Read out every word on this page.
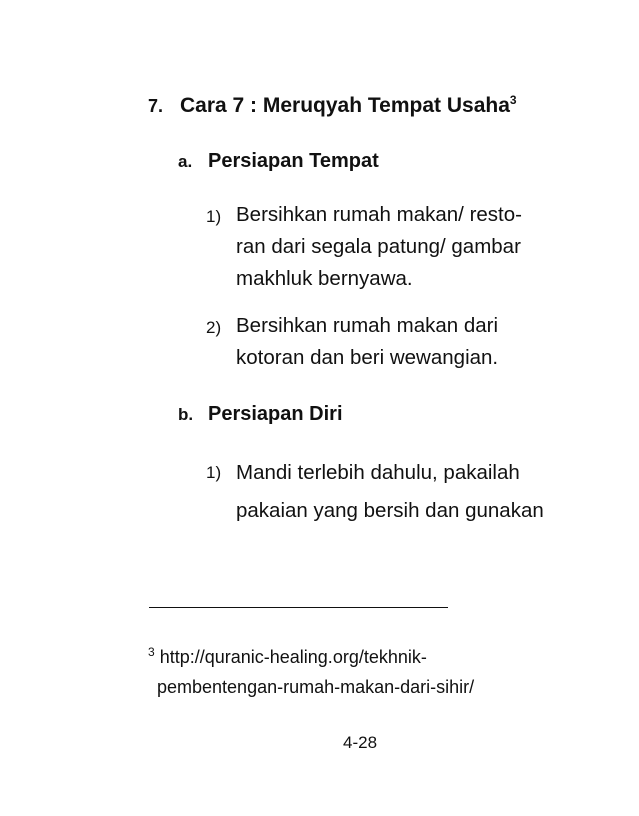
7. Cara 7 : Meruqyah Tempat Usaha$^3$
a. Persiapan Tempat
1) Bersihkan rumah makan/ resto-
ran dari segala patung/ gambar
makhluk bernyawa.
2) Bersihkan rumah makan dari
kotoran dan beri wewangian.
b. Persiapan Diri
1) Mandi terlebih dahulu, pakailah
pakaian yang bersih dan gunakan
$^3$ http://quranic-healing.org/tekhnik-
pembentengan-rumah-makan-dari-sihir/
4-28
